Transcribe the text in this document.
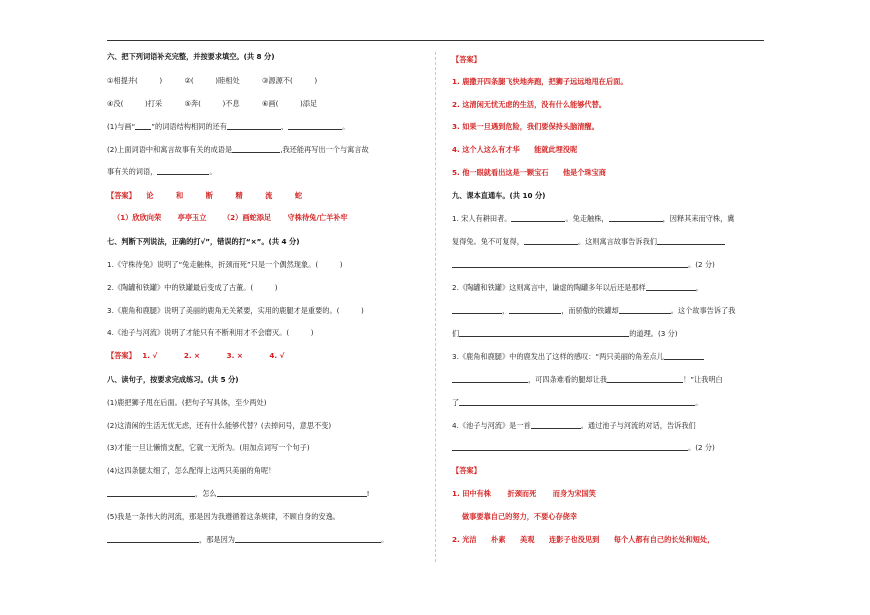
六、把下列词语补充完整，并按要求填空。(共 8 分)
①相提并(　　　)	②(　　　)睦相处	③源源不(　　　)
④没(　　　)打采	⑤奔(　　　)不息	⑥画(　　　)添足
(1)与画“ ”的词语结构相同的还有	、	。
(2)上面词语中和寓言故事有关的成语是	,我还能再写出一个与寓言故
事有关的词语，	。
【答案】 论	和	断	精	流	蛇
（1）欣欣向荣 亭亭玉立 （2）画蛇添足 守株待兔/亡羊补牢
七、判断下列说法，正确的打√”，错误的打“×”。(共 4 分)
1.《守株待兔》说明了“兔走触株，折颈而死”只是一个偶然现象。(　　　)
2.《陶罐和铁罐》中的铁罐最后变成了古董。(　　　)
3.《鹿角和鹿腿》说明了美丽的鹿角无关紧要，实用的鹿腿才是重要的。(　　　)
4.《池子与河流》说明了才能只有不断利用才不会磨灭。(　　　)
【答案】 1. √	2. ×	3. ×	4. √
八、读句子，按要求完成练习。(共 5 分)
(1)鹿把狮子甩在后面。(把句子写具体，至少两处)
(2)这清闲的生活无忧无虑，还有什么能够代替？(去掉问号，意思不变)
(3)才能一旦让懒惰支配，它就一无所为。(用加点词写一个句子)
(4)这四条腿太细了，怎么配得上这两只美丽的角呢！
，怎么	!
(5)我是一条伟大的河流，那是因为我遵循着这条规律，不顾自身的安逸。
，那是因为	。
【答案】
1. 鹿撒开四条腿飞快地奔跑，把狮子远远地甩在后面。
2. 这清闲无忧无虑的生活，没有什么能够代替。
3. 如果一旦遇到危险，我们要保持头脑清醒。
4. 这个人这么有才华　　能就此埋没呢
5. 他一眼就看出这是一颗宝石　　他是个珠宝商
九、课本直通车。(共 10 分)
1. 宋人有耕田者。	。兔走触株，	，因释其耒而守株，冀
复得兔。兔不可复得，	。这则寓言故事告诉我们
。(2 分)
2.《陶罐和铁罐》这则寓言中，谦虚的陶罐多年以后还是那样	，
，	，而骄傲的铁罐却	。这个故事告诉了我
们	的道理。(3 分)
3.《鹿角和鹿腿》中的鹿发出了这样的感叹：“两只美丽的角差点儿
，可四条难看的腿却让我	！”让我明白
了	。
4.《池子与河流》是一首	。通过池子与河流的对话，告诉我们
。(2 分)
【答案】
1. 田中有株 折颈而死 而身为宋国笑
做事要靠自己的努力，不要心存侥幸
2. 光洁 朴素 美观 连影子也没见到 每个人都有自己的长处和短处，
